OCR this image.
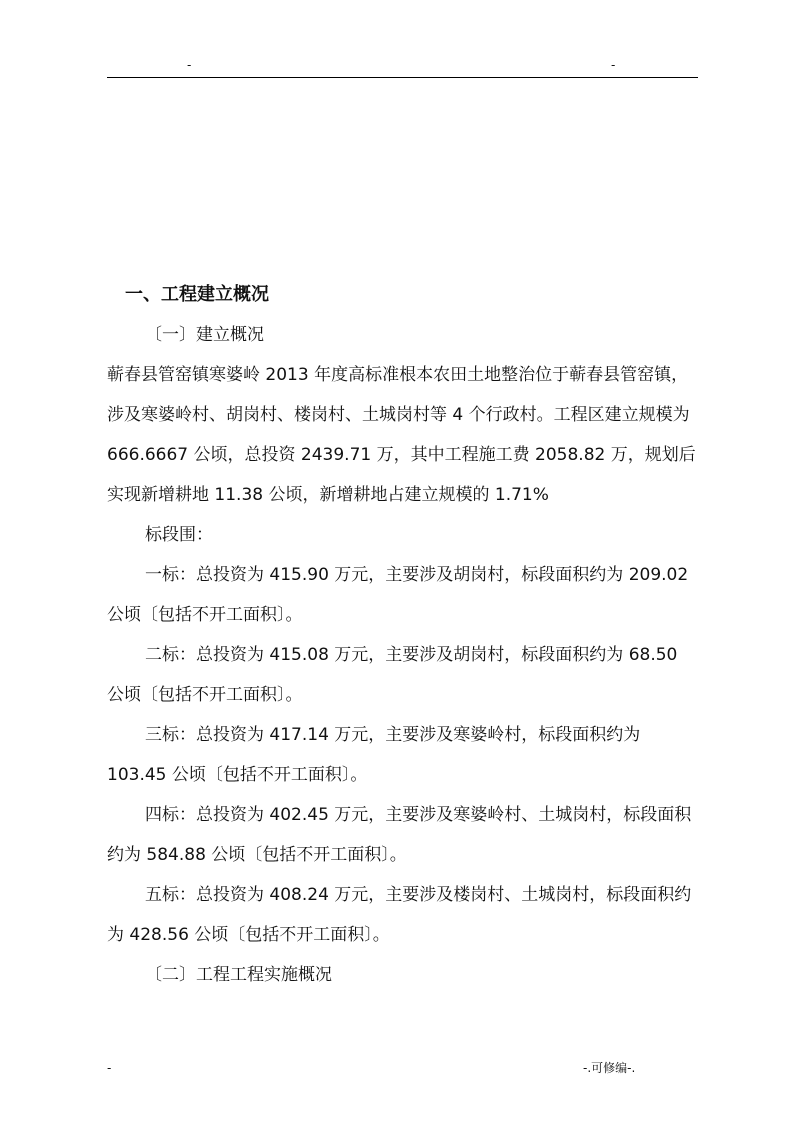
-	-
一、工程建立概况

〔一〕建立概况

蕲春县管窑镇寒婆岭 2013 年度高标准根本农田土地整治位于蕲春县管窑镇，涉及寒婆岭村、胡岗村、楼岗村、土城岗村等 4 个行政村。工程区建立规模为 666.6667 公顷，总投资 2439.71 万，其中工程施工费 2058.82 万，规划后实现新增耕地 11.38 公顷，新增耕地占建立规模的 1.71%

标段围：

一标：总投资为 415.90 万元，主要涉及胡岗村，标段面积约为 209.02 公顷〔包括不开工面积〕。

二标：总投资为 415.08 万元，主要涉及胡岗村，标段面积约为 68.50 公顷〔包括不开工面积〕。

三标：总投资为 417.14 万元，主要涉及寒婆岭村，标段面积约为 103.45 公顷〔包括不开工面积〕。

四标：总投资为 402.45 万元，主要涉及寒婆岭村、土城岗村，标段面积约为 584.88 公顷〔包括不开工面积〕。

五标：总投资为 408.24 万元，主要涉及楼岗村、土城岗村，标段面积约为 428.56 公顷〔包括不开工面积〕。

〔二〕工程工程实施概况

-	-.可修编-.
